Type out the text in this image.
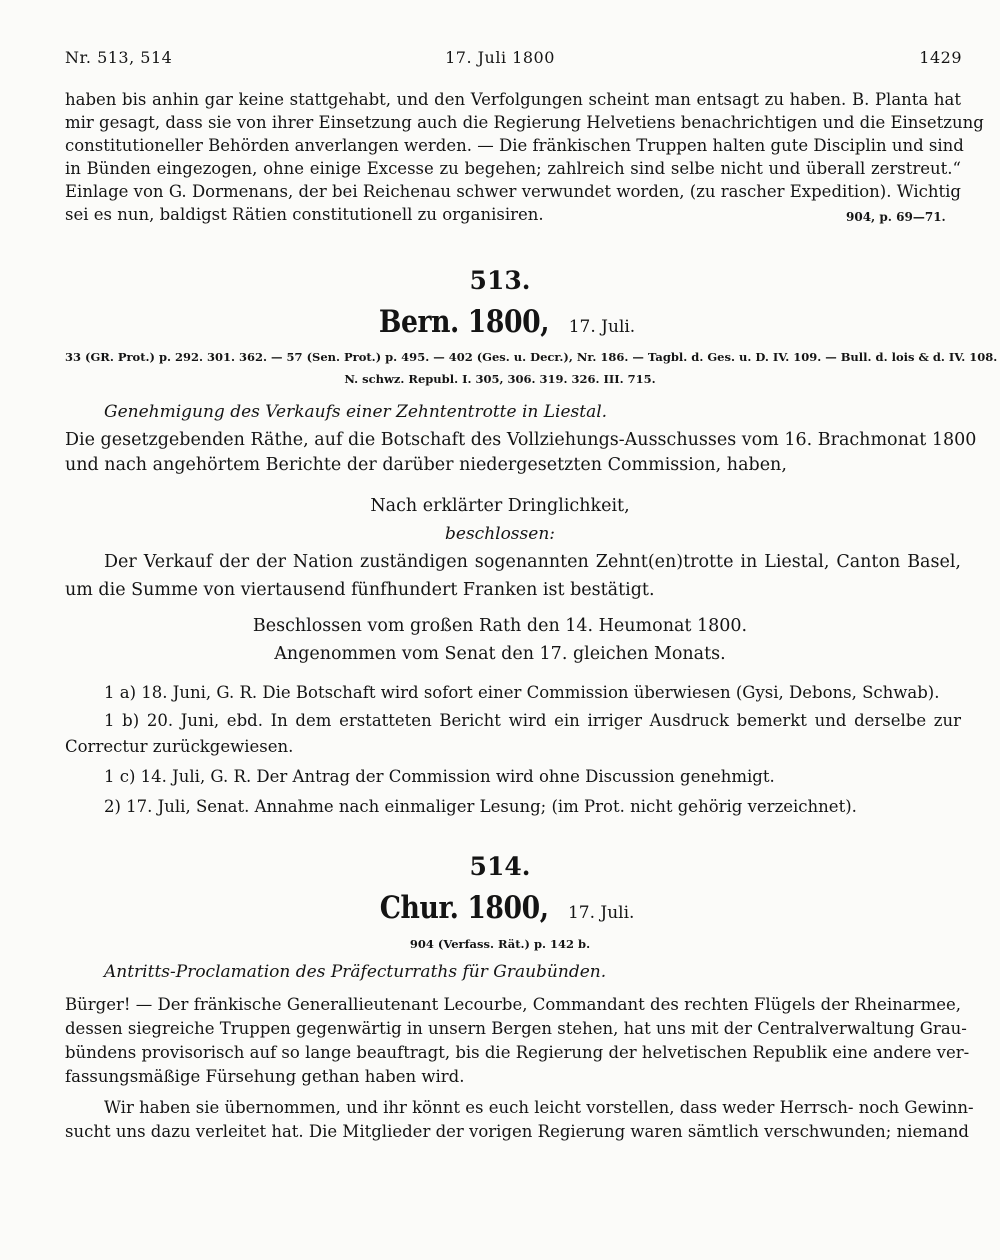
Nr. 513, 514	17. Juli 1800	1429
haben bis anhin gar keine stattgehabt, und den Verfolgungen scheint man entsagt zu haben. B. Planta hat
mir gesagt, dass sie von ihrer Einsetzung auch die Regierung Helvetiens benachrichtigen und die Einsetzung
constitutioneller Behörden anverlangen werden. — Die fränkischen Truppen halten gute Disciplin und sind
in Bünden eingezogen, ohne einige Excesse zu begehen; zahlreich sind selbe nicht und überall zerstreut.“
Einlage von G. Dormenans, der bei Reichenau schwer verwundet worden, (zu rascher Expedition). Wichtig
sei es nun, baldigst Rätien constitutionell zu organisiren.	904, p. 69—71.
513.
Bern. 1800, 17. Juli.
33 (GR. Prot.) p. 292. 301. 362. — 57 (Sen. Prot.) p. 495. — 402 (Ges. u. Decr.), Nr. 186. — Tagbl. d. Ges. u. D. IV. 109. — Bull. d. lois & d. IV. 108.
N. schwz. Republ. I. 305, 306. 319. 326. III. 715.
Genehmigung des Verkaufs einer Zehntentrotte in Liestal.
Die gesetzgebenden Räthe, auf die Botschaft des Vollziehungs-Ausschusses vom 16. Brachmonat 1800
und nach angehörtem Berichte der darüber niedergesetzten Commission, haben,
Nach erklärter Dringlichkeit,
beschlossen:
Der Verkauf der der Nation zuständigen sogenannten Zehnt(en)trotte in Liestal, Canton Basel,
um die Summe von viertausend fünfhundert Franken ist bestätigt.
Beschlossen vom großen Rath den 14. Heumonat 1800.
Angenommen vom Senat den 17. gleichen Monats.
1 a) 18. Juni, G. R. Die Botschaft wird sofort einer Commission überwiesen (Gysi, Debons, Schwab).
1 b) 20. Juni, ebd. In dem erstatteten Bericht wird ein irriger Ausdruck bemerkt und derselbe zur
Correctur zurückgewiesen.
1 c) 14. Juli, G. R. Der Antrag der Commission wird ohne Discussion genehmigt.
2) 17. Juli, Senat. Annahme nach einmaliger Lesung; (im Prot. nicht gehörig verzeichnet).
514.
Chur. 1800, 17. Juli.
904 (Verfass. Rät.) p. 142 b.
Antritts-Proclamation des Präfecturraths für Graubünden.
Bürger! — Der fränkische Generallieutenant Lecourbe, Commandant des rechten Flügels der Rheinarmee,
dessen siegreiche Truppen gegenwärtig in unsern Bergen stehen, hat uns mit der Centralverwaltung Grau-
bündens provisorisch auf so lange beauftragt, bis die Regierung der helvetischen Republik eine andere ver-
fassungsmäßige Fürsehung gethan haben wird.
Wir haben sie übernommen, und ihr könnt es euch leicht vorstellen, dass weder Herrsch- noch Gewinn-
sucht uns dazu verleitet hat. Die Mitglieder der vorigen Regierung waren sämtlich verschwunden; niemand
